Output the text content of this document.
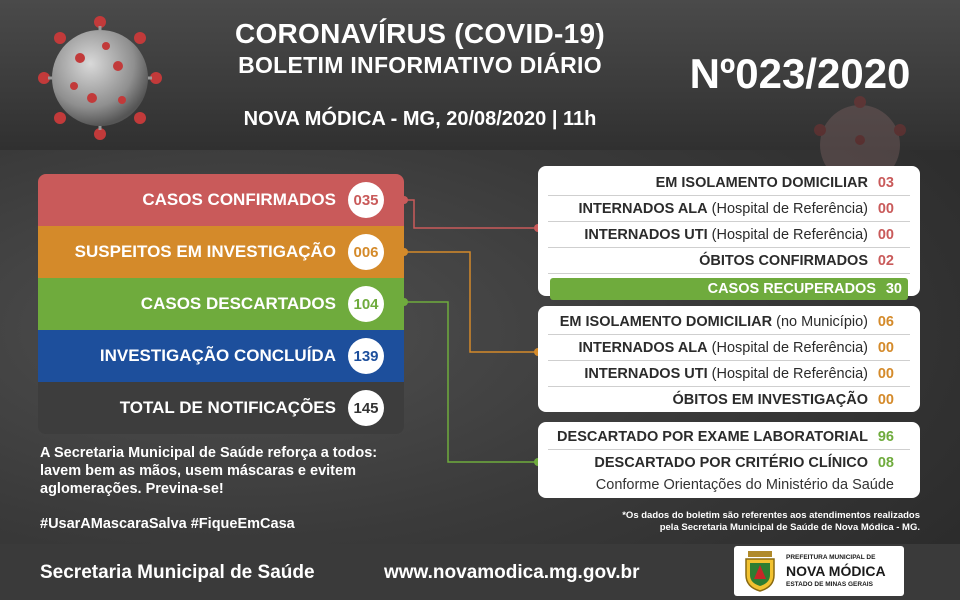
CORONAVÍRUS (COVID-19)
BOLETIM INFORMATIVO DIÁRIO
NOVA MÓDICA - MG, 20/08/2020 | 11h
Nº023/2020
CASOS CONFIRMADOS	035
SUSPEITOS EM INVESTIGAÇÃO	006
CASOS DESCARTADOS	104
INVESTIGAÇÃO CONCLUÍDA	139
TOTAL DE NOTIFICAÇÕES	145
A Secretaria Municipal de Saúde reforça a todos: lavem bem as mãos, usem máscaras e evitem aglomerações. Previna-se!
#UsarAMascaraSalva #FiqueEmCasa
EM ISOLAMENTO DOMICILIAR 03
INTERNADOS ALA (Hospital de Referência) 00
INTERNADOS UTI (Hospital de Referência) 00
ÓBITOS CONFIRMADOS 02
CASOS RECUPERADOS 30
EM ISOLAMENTO DOMICILIAR (no Município) 06
INTERNADOS ALA (Hospital de Referência) 00
INTERNADOS UTI (Hospital de Referência) 00
ÓBITOS EM INVESTIGAÇÃO 00
DESCARTADO POR EXAME LABORATORIAL 96
DESCARTADO POR CRITÉRIO CLÍNICO 08
Conforme Orientações do Ministério da Saúde
*Os dados do boletim são referentes aos atendimentos realizados
pela Secretaria Municipal de Saúde de Nova Módica - MG.
Secretaria Municipal de Saúde	www.novamodica.mg.gov.br
PREFEITURA MUNICIPAL DE
NOVA MÓDICA
ESTADO DE MINAS GERAIS
